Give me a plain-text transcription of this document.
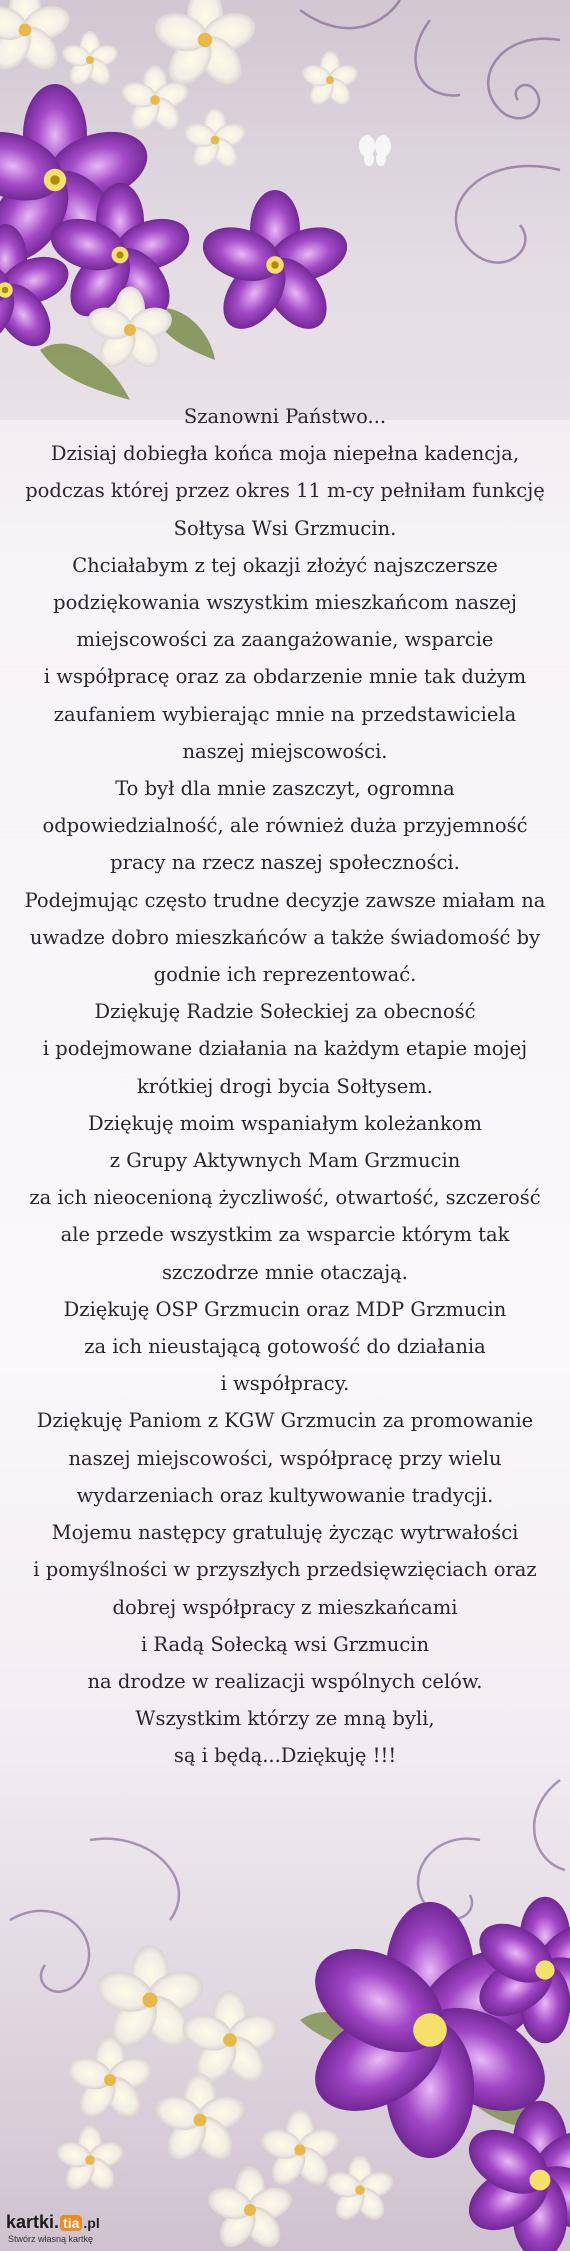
Szanowni Państwo...
Dzisiaj dobiegła końca moja niepełna kadencja,
podczas której przez okres 11 m-cy pełniłam funkcję
Sołtysa Wsi Grzmucin.
Chciałabym z tej okazji złożyć najszczersze
podziękowania wszystkim mieszkańcom naszej
miejscowości za zaangażowanie, wsparcie
i współpracę oraz za obdarzenie mnie tak dużym
zaufaniem wybierając mnie na przedstawiciela
naszej miejscowości.
To był dla mnie zaszczyt, ogromna
odpowiedzialność, ale również duża przyjemność
pracy na rzecz naszej społeczności.
Podejmując często trudne decyzje zawsze miałam na
uwadze dobro mieszkańców a także świadomość by
godnie ich reprezentować.
Dziękuję Radzie Sołeckiej za obecność
i podejmowane działania na każdym etapie mojej
krótkiej drogi bycia Sołtysem.
Dziękuję moim wspaniałym koleżankom
z Grupy Aktywnych Mam Grzmucin
za ich nieocenioną życzliwość, otwartość, szczerość
ale przede wszystkim za wsparcie którym tak
szczodrze mnie otaczają.
Dziękuję OSP Grzmucin oraz MDP Grzmucin
za ich nieustającą gotowość do działania
i współpracy.
Dziękuję Paniom z KGW Grzmucin za promowanie
naszej miejscowości, współpracę przy wielu
wydarzeniach oraz kultywowanie tradycji.
Mojemu następcy gratuluję życząc wytrwałości
i pomyślności w przyszłych przedsięwzięciach oraz
dobrej współpracy z mieszkańcami
i Radą Sołecką wsi Grzmucin
na drodze w realizacji wspólnych celów.
Wszystkim którzy ze mną byli,
są i będą...Dziękuję !!!
kartki. tia .pl
Stwórz własną kartkę
